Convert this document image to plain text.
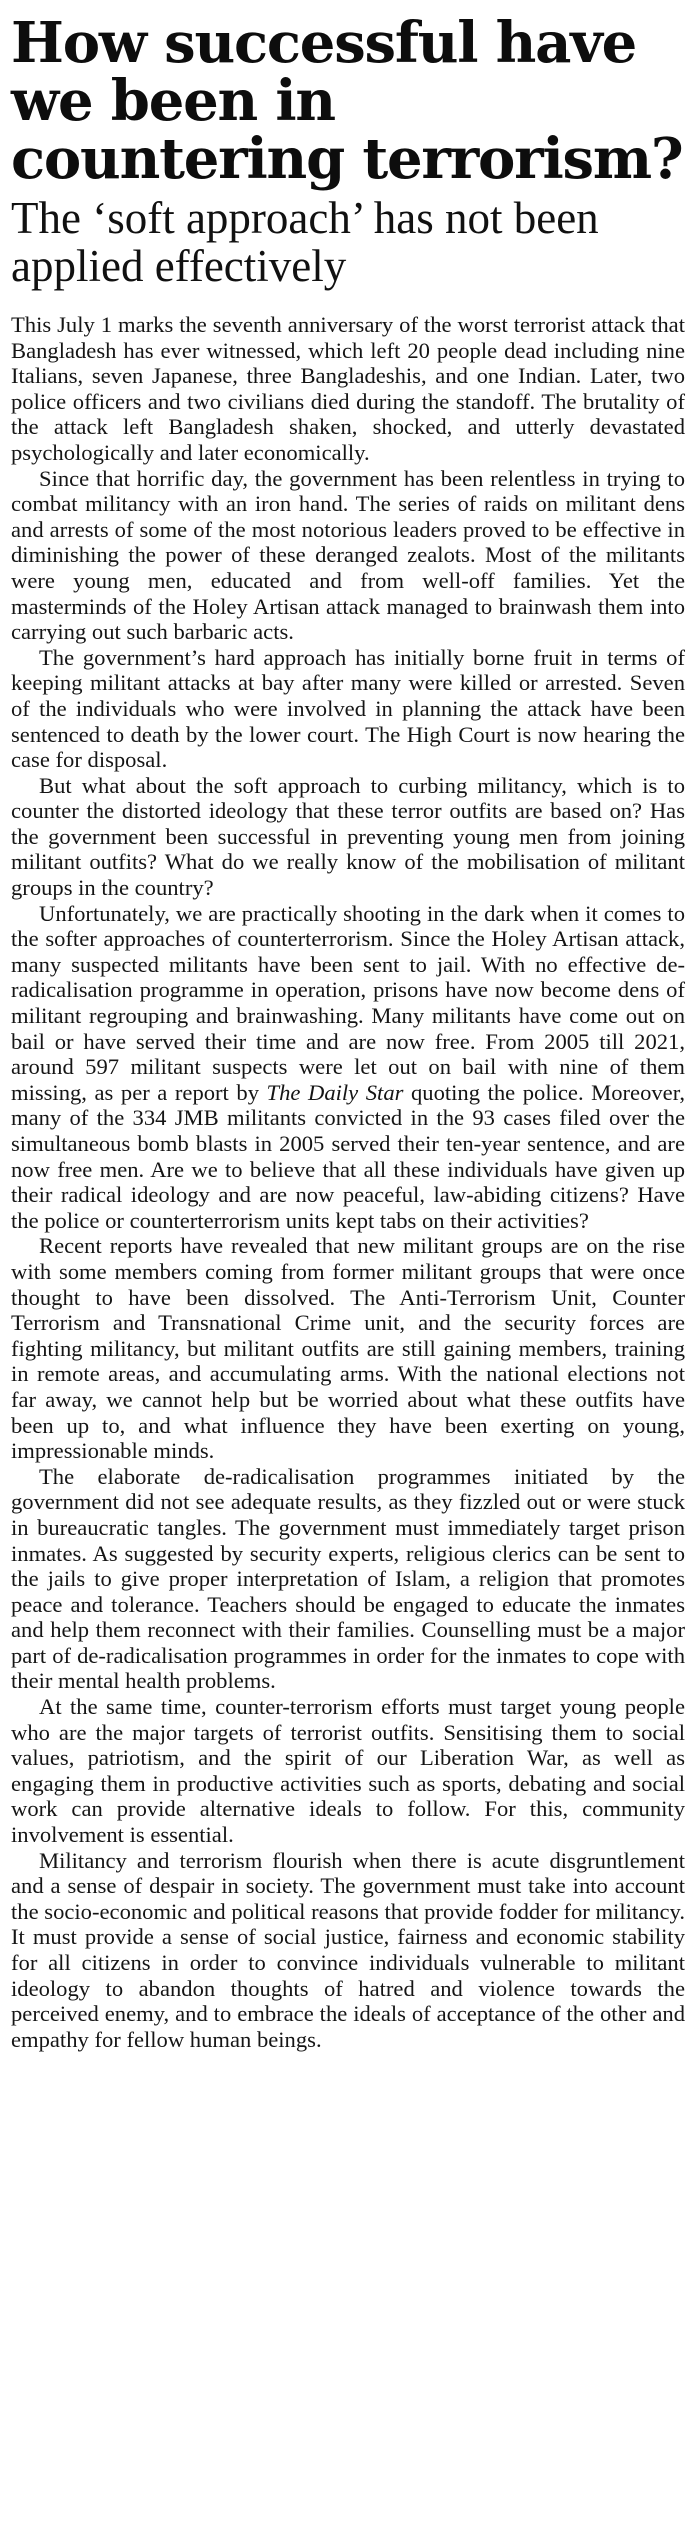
How successful have we been in countering terrorism?
The ‘soft approach’ has not been applied effectively

This July 1 marks the seventh anniversary of the worst terrorist attack that Bangladesh has ever witnessed, which left 20 people dead including nine Italians, seven Japanese, three Bangladeshis, and one Indian. Later, two police officers and two civilians died during the standoff. The brutality of the attack left Bangladesh shaken, shocked, and utterly devastated psychologically and later economically.

Since that horrific day, the government has been relentless in trying to combat militancy with an iron hand. The series of raids on militant dens and arrests of some of the most notorious leaders proved to be effective in diminishing the power of these deranged zealots. Most of the militants were young men, educated and from well-off families. Yet the masterminds of the Holey Artisan attack managed to brainwash them into carrying out such barbaric acts.

The government’s hard approach has initially borne fruit in terms of keeping militant attacks at bay after many were killed or arrested. Seven of the individuals who were involved in planning the attack have been sentenced to death by the lower court. The High Court is now hearing the case for disposal.

But what about the soft approach to curbing militancy, which is to counter the distorted ideology that these terror outfits are based on? Has the government been successful in preventing young men from joining militant outfits? What do we really know of the mobilisation of militant groups in the country?

Unfortunately, we are practically shooting in the dark when it comes to the softer approaches of counterterrorism. Since the Holey Artisan attack, many suspected militants have been sent to jail. With no effective de-radicalisation programme in operation, prisons have now become dens of militant regrouping and brainwashing. Many militants have come out on bail or have served their time and are now free. From 2005 till 2021, around 597 militant suspects were let out on bail with nine of them missing, as per a report by The Daily Star quoting the police. Moreover, many of the 334 JMB militants convicted in the 93 cases filed over the simultaneous bomb blasts in 2005 served their ten-year sentence, and are now free men. Are we to believe that all these individuals have given up their radical ideology and are now peaceful, law-abiding citizens? Have the police or counterterrorism units kept tabs on their activities?

Recent reports have revealed that new militant groups are on the rise with some members coming from former militant groups that were once thought to have been dissolved. The Anti-Terrorism Unit, Counter Terrorism and Transnational Crime unit, and the security forces are fighting militancy, but militant outfits are still gaining members, training in remote areas, and accumulating arms. With the national elections not far away, we cannot help but be worried about what these outfits have been up to, and what influence they have been exerting on young, impressionable minds.

The elaborate de-radicalisation programmes initiated by the government did not see adequate results, as they fizzled out or were stuck in bureaucratic tangles. The government must immediately target prison inmates. As suggested by security experts, religious clerics can be sent to the jails to give proper interpretation of Islam, a religion that promotes peace and tolerance. Teachers should be engaged to educate the inmates and help them reconnect with their families. Counselling must be a major part of de-radicalisation programmes in order for the inmates to cope with their mental health problems.

At the same time, counter-terrorism efforts must target young people who are the major targets of terrorist outfits. Sensitising them to social values, patriotism, and the spirit of our Liberation War, as well as engaging them in productive activities such as sports, debating and social work can provide alternative ideals to follow. For this, community involvement is essential.

Militancy and terrorism flourish when there is acute disgruntlement and a sense of despair in society. The government must take into account the socio-economic and political reasons that provide fodder for militancy. It must provide a sense of social justice, fairness and economic stability for all citizens in order to convince individuals vulnerable to militant ideology to abandon thoughts of hatred and violence towards the perceived enemy, and to embrace the ideals of acceptance of the other and empathy for fellow human beings.
